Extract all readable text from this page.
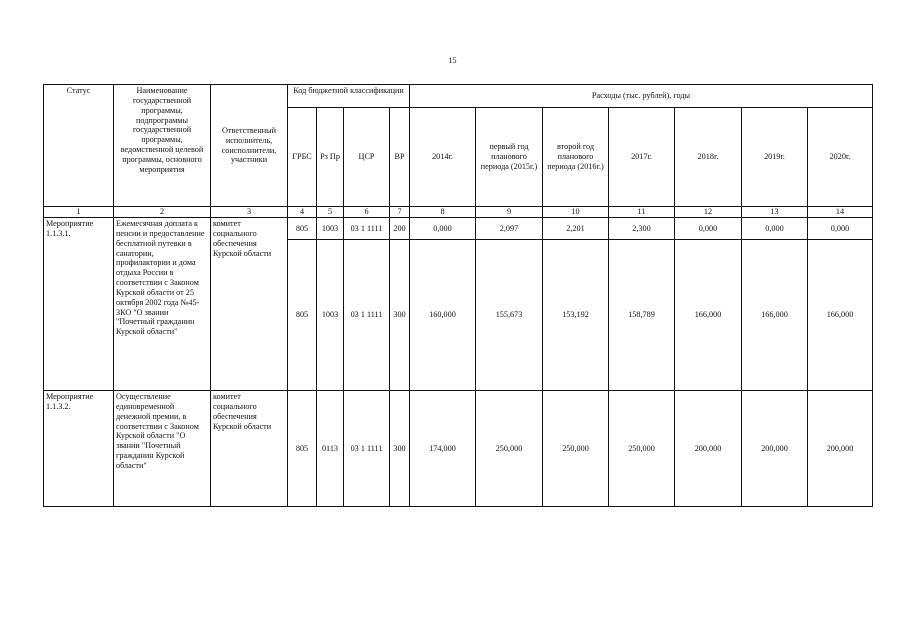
15
Статус	Наименование государственной программы, подпрограммы государственной программы, ведомственной целевой программы, основного мероприятия	Ответственный исполнитель, соисполнители, участники	Код бюджетной классификации				Расходы (тыс. рублей), годы						
			ГРБС	Рз Пр	ЦСР	ВР	2014г.	первый год планового периода (2015г.)	второй год планового периода (2016г.)	2017г.	2018г.	2019г.	2020г.
1	2	3	4	5	6	7	8	9	10	11	12	13	14
Мероприятие 1.1.3.1.	Ежемесячная доплата к пенсии и предоставление бесплатной путевки в санатории, профилактории и дома отдыха России в соответствии с Законом Курской области от 25 октября 2002 года №45-ЗКО "О звании "Почетный гражданин Курской области"	комитет социального обеспечения Курской области	805	1003	03 1 1111	200	0,000	2,097	2,201	2,300	0,000	0,000	0,000
			805	1003	03 1 1111	300	160,000	155,673	153,192	158,789	166,000	166,000	166,000
Мероприятие 1.1.3.2.	Осуществление единовременной денежной премии, в соответствии с Законом Курской области "О звании "Почетный гражданин Курской области"	комитет социального обеспечения Курской области	805	0113	03 1 1111	300	174,000	250,000	250,000	250,000	200,000	200,000	200,000
